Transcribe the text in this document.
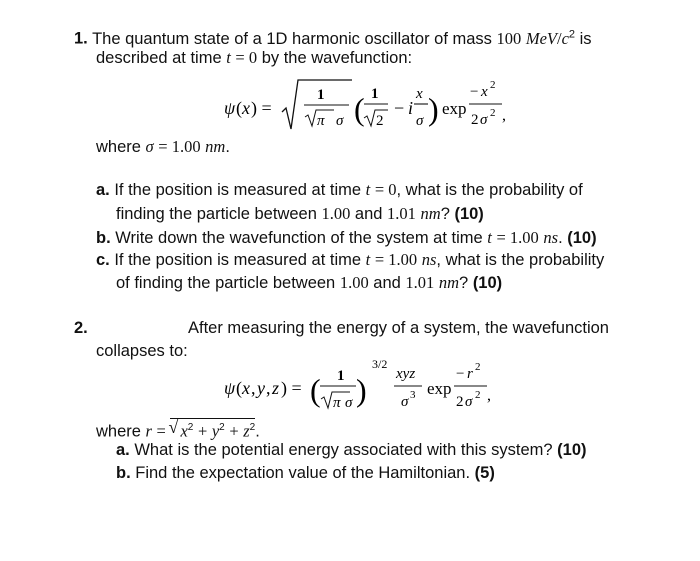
1. The quantum state of a 1D harmonic oscillator of mass 100 MeV/$c^2$ is
described at time t = 0 by the wavefunction:
ψ ( x ) =
1
π σ ( 1
2
− i
x
σ ) exp
− x 2
2 σ 2 ,
where σ = 1.00 nm.
a. If the position is measured at time t = 0, what is the probability of
finding the particle between 1.00 and 1.01 nm? (10)
b. Write down the wavefunction of the system at time t = 1.00 ns. (10)
c. If the position is measured at time t = 1.00 ns, what is the probability
of finding the particle between 1.00 and 1.01 nm? (10)
2.	After measuring the energy of a system, the wavefunction
collapses to:
ψ ( x , y , z ) = ( 1
π σ )
3/2
xyz
σ 3 exp
− r 2
2 σ 2 ,
where r = √ $x^2 + y^2 + z^2$.
a. What is the potential energy associated with this system? (10)
b. Find the expectation value of the Hamiltonian. (5)
